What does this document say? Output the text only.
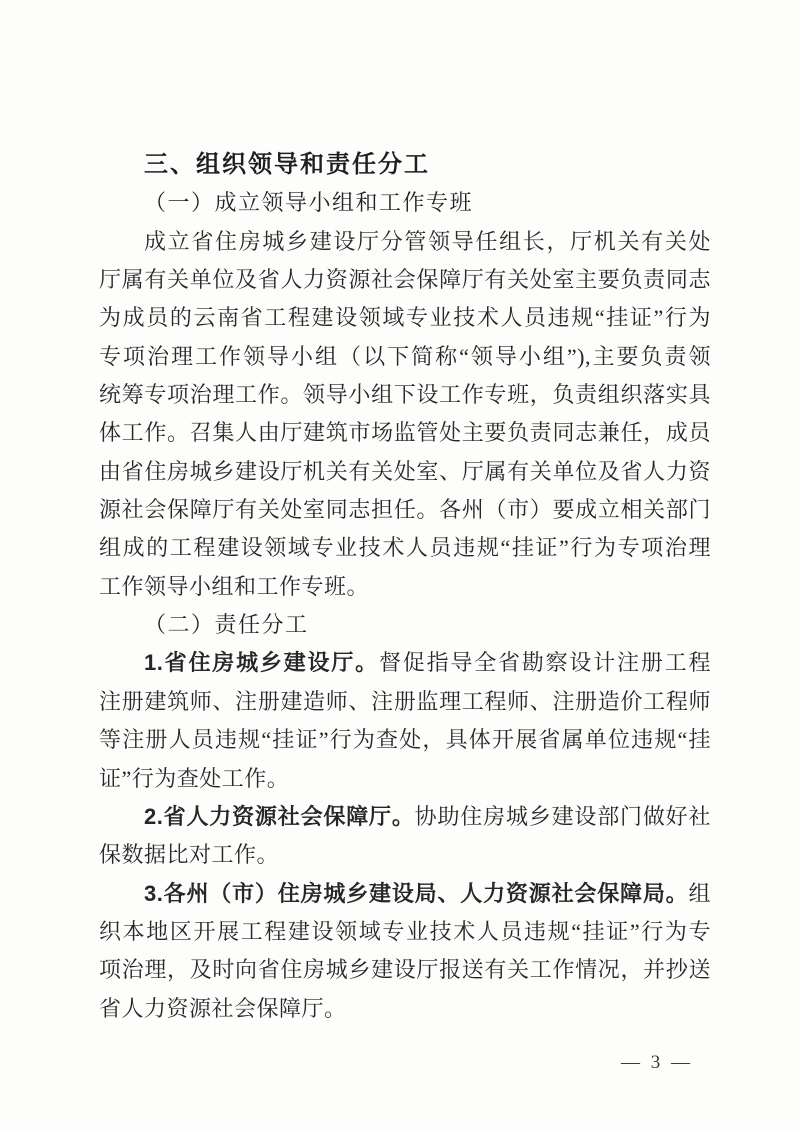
三、组织领导和责任分工
（一）成立领导小组和工作专班
成立省住房城乡建设厅分管领导任组长，厅机关有关处
厅属有关单位及省人力资源社会保障厅有关处室主要负责同志
为成员的云南省工程建设领域专业技术人员违规“挂证”行为
专项治理工作领导小组（以下简称“领导小组”),主要负责领
统筹专项治理工作。领导小组下设工作专班，负责组织落实具
体工作。召集人由厅建筑市场监管处主要负责同志兼任，成员
由省住房城乡建设厅机关有关处室、厅属有关单位及省人力资
源社会保障厅有关处室同志担任。各州（市）要成立相关部门
组成的工程建设领域专业技术人员违规“挂证”行为专项治理
工作领导小组和工作专班。
（二）责任分工
1.省住房城乡建设厅。督促指导全省勘察设计注册工程
注册建筑师、注册建造师、注册监理工程师、注册造价工程师
等注册人员违规“挂证”行为查处，具体开展省属单位违规“挂
证”行为查处工作。
2.省人力资源社会保障厅。协助住房城乡建设部门做好社
保数据比对工作。
3.各州（市）住房城乡建设局、人力资源社会保障局。组
织本地区开展工程建设领域专业技术人员违规“挂证”行为专
项治理，及时向省住房城乡建设厅报送有关工作情况，并抄送
省人力资源社会保障厅。
— 3 —
